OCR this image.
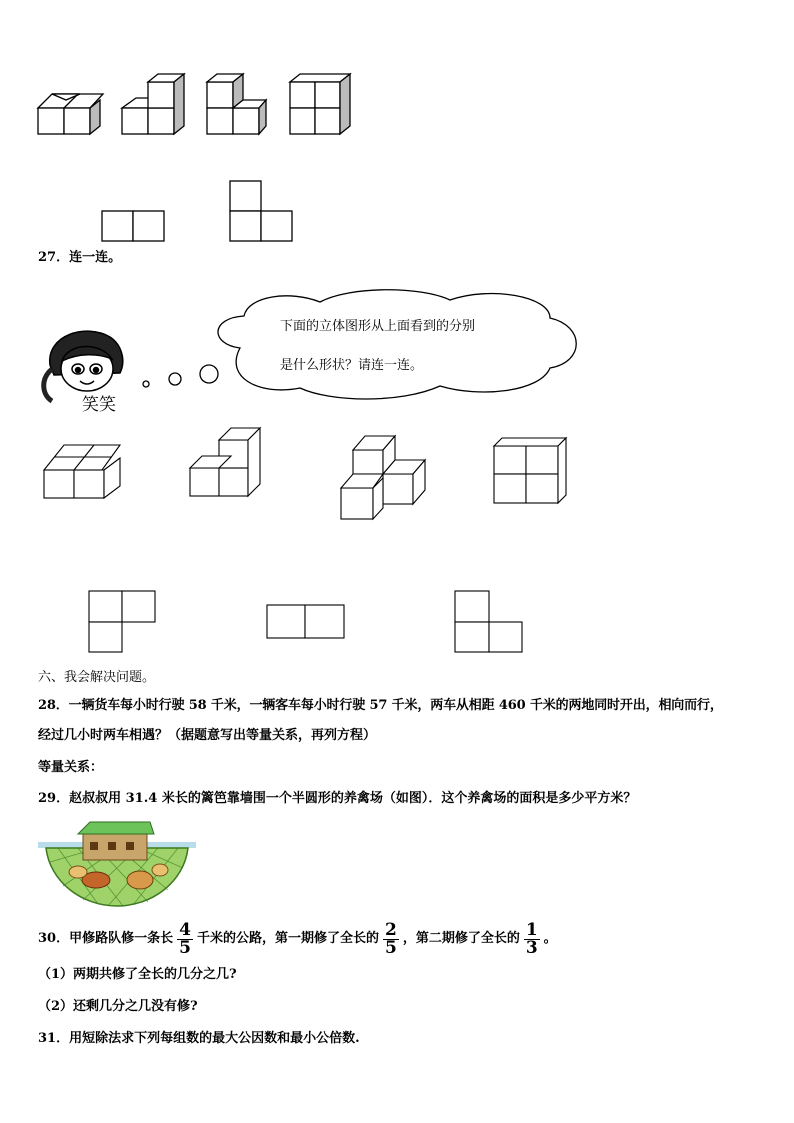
27．连一连。
笑笑
下面的立体图形从上面看到的分别
是什么形状？请连一连。
六、我会解决问题。
28．一辆货车每小时行驶 58 千米，一辆客车每小时行驶 57 千米，两车从相距 460 千米的两地同时开出，相向而行，
经过几小时两车相遇？（据题意写出等量关系，再列方程）
等量关系：
29．赵叔叔用 31.4 米长的篱笆靠墙围一个半圆形的养禽场（如图）．这个养禽场的面积是多少平方米？
30． 甲修路队修一条长 $\frac{4}{5}$ 千米的公路，第一期修了全长的 $\frac{2}{5}$ ，第二期修了全长的 $\frac{1}{3}$ 。
（1）两期共修了全长的几分之几?
（2）还剩几分之几没有修?
31．用短除法求下列每组数的最大公因数和最小公倍数.
